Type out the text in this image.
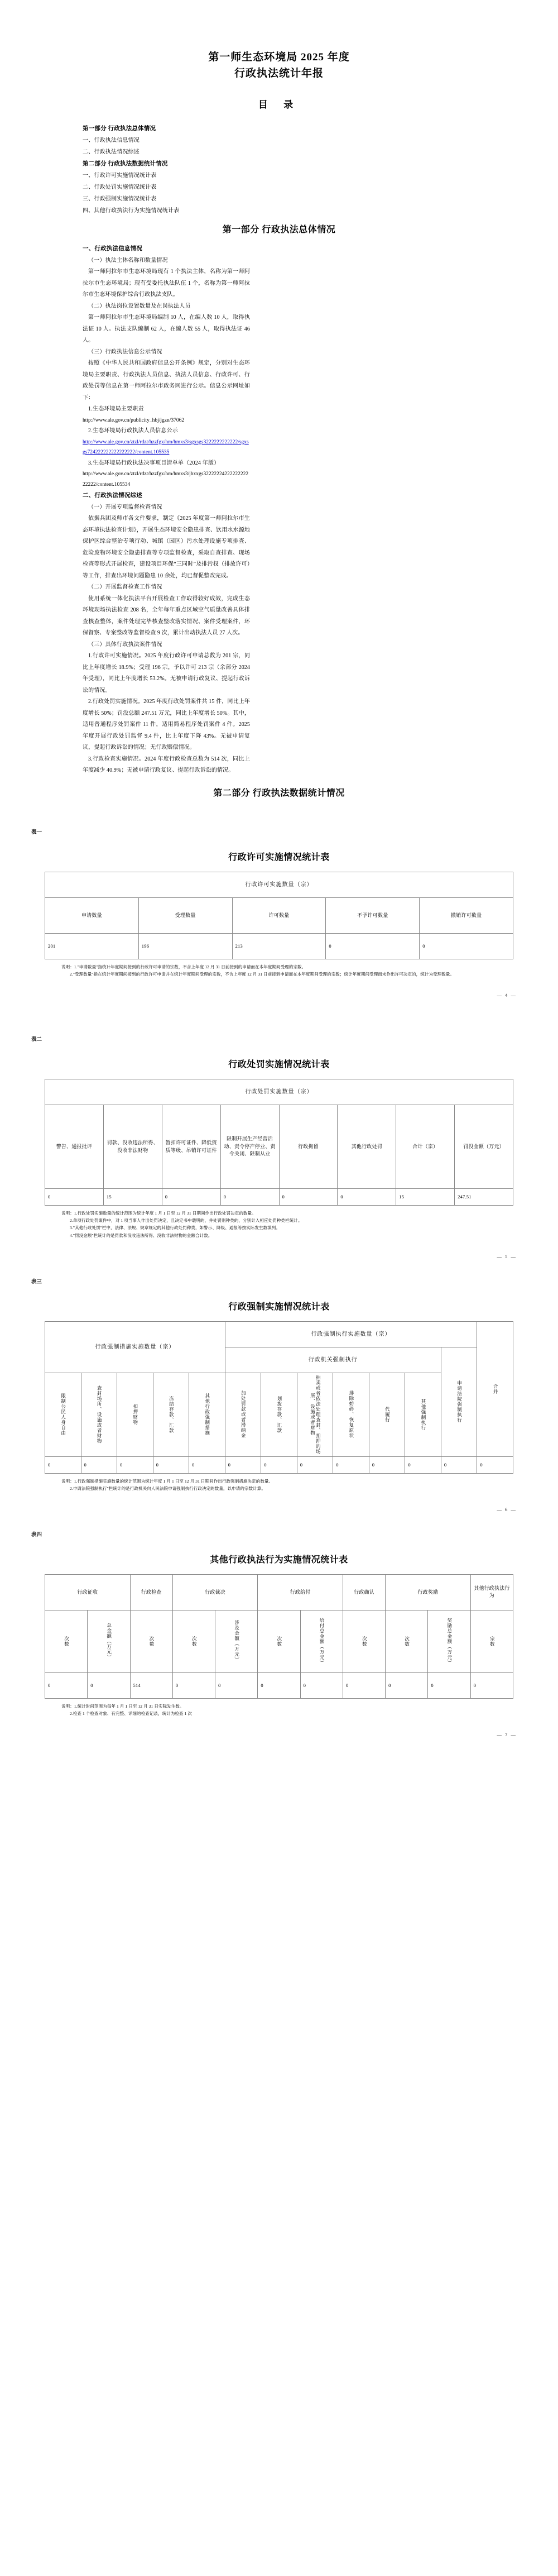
第一师生态环境局 2025 年度
行政执法统计年报
目 录
第一部分 行政执法总体情况
一、行政执法信息情况
二、行政执法情况综述
第二部分 行政执法数据统计情况
一、行政许可实施情况统计表
二、行政处罚实施情况统计表
三、行政强制实施情况统计表
四、其他行政执法行为实施情况统计表
第一部分 行政执法总体情况
一、行政执法信息情况

（一）执法主体名称和数量情况

第一师阿拉尔市生态环境局现有 1 个执法主体，名称为第一师阿拉尔市生态环境局；现有受委托执法队伍 1 个，名称为第一师阿拉尔市生态环境保护综合行政执法支队。

（二）执法岗位设置数量及在岗执法人员

第一师阿拉尔市生态环境局编制 10 人，在编人数 10 人，取得执法证 10 人。执法支队编制 62 人，在编人数 55 人，取得执法证 46 人。

（三）行政执法信息公示情况

按照《中华人民共和国政府信息公开条例》规定，分别对生态环境局主要职责、行政执法人员信息、执法人员信息、行政许可、行政处罚等信息在第一师阿拉尔市政务网进行公示。信息公示网址如下：

1.生态环境局主要职责

http://www.ale.gov.cn/publicity_hbj/jgzn/37062

2.生态环境局行政执法人员信息公示

http://www.ale.gov.cn/ztzl/rdzt/hzzfgx/hm/hmxs3/sgxsgs3222222222222/sgxsgs724222222222222222/content.105535

3.生态环境局行政执法决事项目清单单（2024 年版）

http://www.ale.gov.cn/ztzl/rdzt/hzzfgx/hm/hmxs3/jhxxgs3222222422222222222222/content.105534
二、行政执法情况综述

（一）开展专项监督检查情况

依据兵团及师市各文件要求，制定《2025 年度第一师阿拉尔市生态环境执法检查计划》，开展生态环境安全隐患排查、饮用水水源地保护区综合整治专项行动、城镇（园区）污水处理设施专项排查、危险废物环境安全隐患排查等专项监督检查，采取自查排查、现场检查等形式开展检查，建设项目环保“三同时”及排污权（排放许可）等工作，排查出环境问题隐患 10 余处，均已督促整改完成。

（二）开展监督检查工作情况

使用系统一体化执法平台开展检查工作取得较好成效，完成生态环境现场执法检查 208 名，全年每年重点区域空气质量改善具体排查核查整体，案件处理完毕核查整改落实情况、案件受理案件，环保督察、专案整改等监督检查 9 次，累计出动执法人员 27 人次。

（三）具体行政执法案件情况

1.行政许可实施情况。2025 年度行政许可申请总数为 201 宗，同比上年度增长 18.9%；受理 196 宗，予以许可 213 宗（余部分 2024 年受理），同比上年度增长 53.2%。无被申请行政复议、提起行政诉讼的情况。

2.行政处罚实施情况。2025 年度行政处罚案件共 15 件，同比上年度增长 50%；罚没总额 247.51 万元，同比上年度增长 50%。其中，适用普通程序处罚案件 11 件，适用简易程序处罚案件 4 件。2025 年度开展行政处罚监督 9.4 件，比上年度下降 43%。无被申请复议，提起行政诉讼的情况；无行政赔偿情况。

3.行政检查实施情况。2024 年度行政检查总数为 514 次，同比上年度减少 40.9%；无被申请行政复议、提起行政诉讼的情况。

第二部分 行政执法数据统计情况
表一
行政许可实施情况统计表
行政许可实施数量（宗）				
申请数量	受理数量	许可数量	不予许可数量	撤销许可数量
201	196	213	0	0
说明：1."申请数量"指统计年度期间接到的行政许可申请的宗数，不含上年度 12 月 31 日前接到的申请而在本年度期间受理的宗数。
2."受理数量"指在统计年度期间接到的行政许可申请并在统计年度期间受理的宗数，不含上年度 12 月 31 日前接到申请而在本年度期间受理的宗数；统计年度期间受理而未作出许可决定的，统计为受理数量。
— 4 —
表二
行政处罚实施情况统计表
行政处罚实施数量（宗）							
警告、通报批评	罚款、没收违法所得、没收非法财物	暂扣许可证件、降低资质等级、吊销许可证件	限制开展生产经营活动、责令停产停业、责令关闭、限制从业	行政拘留	其他行政处罚	合计（宗）	罚没金额（万元）
0	15	0	0	0	0	15	247.51
说明：1.行政处罚实施数量的统计范围为统计年度 1 月 1 日至 12 月 31 日期间作出行政处罚决定的数量。
2.单项行政处罚案件中，对 1 项当事人作出处罚决定，且决定书中载明的，并处罚则种类的，分别计入相应处罚种类栏统计。
3."其他行政处罚"栏中，法律、法规、规章规定的其他行政处罚种类，如警示、降级、通报等按实际发生数填列。
4."罚没金额"栏统计的是罚款和没收违法所得、没收非法财物的金额合计数。
— 5 —
表三
行政强制实施情况统计表
行政强制措施实施数量（宗）					行政强制执行实施数量（宗）							合并

					行政机关强制执行						申请法院强制执行	

限制公民人身自由	查封场所、设施或者财物	扣押财物	冻结存款、汇款	其他行政强制措施	加处罚款或者滞纳金	划拨存款、汇款	拍卖或者依法处理查封、扣押的场所、设施或者财物	排除妨碍、恢复原状	代履行	其他强制执行		

0	0	0	0	0	0	0	0	0	0	0	0	0
说明：1.行政强制措施实施数量的统计范围为统计年度 1 月 1 日至 12 月 31 日期间作出行政强制措施决定的数量。
2.申请法院强制执行"栏统计的是行政机关向人民法院申请强制执行行政决定的数量，以申请的宗数计算。
— 6 —
表四
其他行政执法行为实施情况统计表
行政征收		行政检查	行政裁决		行政给付		行政确认	行政奖励		其他行政执法行为

次数	总金额（万元）	次数	次数	涉及金额（万元）	次数	给付总金额（万元）	次数	次数	奖励总金额（万元）	宗数

0	0	514	0	0	0	0	0	0	0	0
说明：1.统计时间范围为每年 1 月 1 日至 12 月 31 日实际发生数。
2.检查 1 个检查对象、有完整、详细的检查记录，统计为检查 1 次
— 7 —
